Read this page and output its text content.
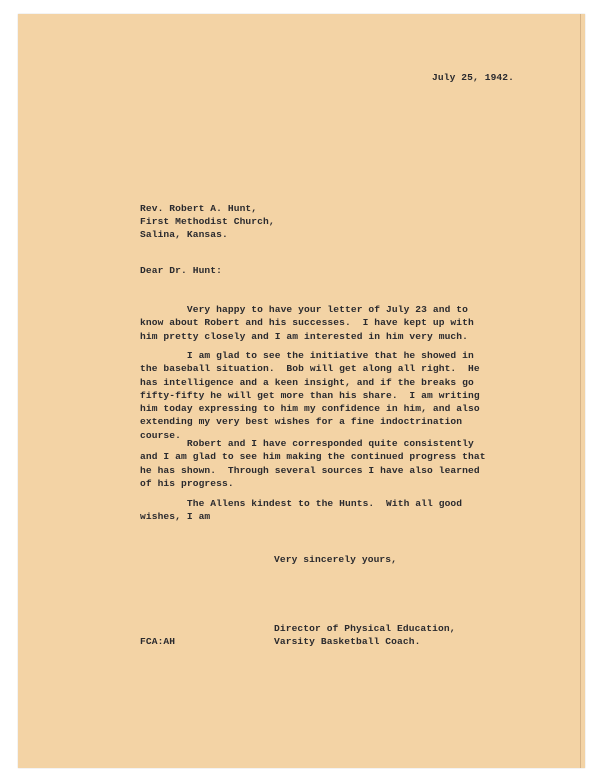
July 25, 1942.
Rev. Robert A. Hunt,
First Methodist Church,
Salina, Kansas.
Dear Dr. Hunt:
Very happy to have your letter of July 23 and to
know about Robert and his successes.  I have kept up with
him pretty closely and I am interested in him very much.
I am glad to see the initiative that he showed in
the baseball situation.  Bob will get along all right.  He
has intelligence and a keen insight, and if the breaks go
fifty-fifty he will get more than his share.  I am writing
him today expressing to him my confidence in him, and also
extending my very best wishes for a fine indoctrination
course.
Robert and I have corresponded quite consistently
and I am glad to see him making the continued progress that
he has shown.  Through several sources I have also learned
of his progress.
The Allens kindest to the Hunts.  With all good
wishes, I am
Very sincerely yours,
Director of Physical Education,
Varsity Basketball Coach.
FCA:AH
